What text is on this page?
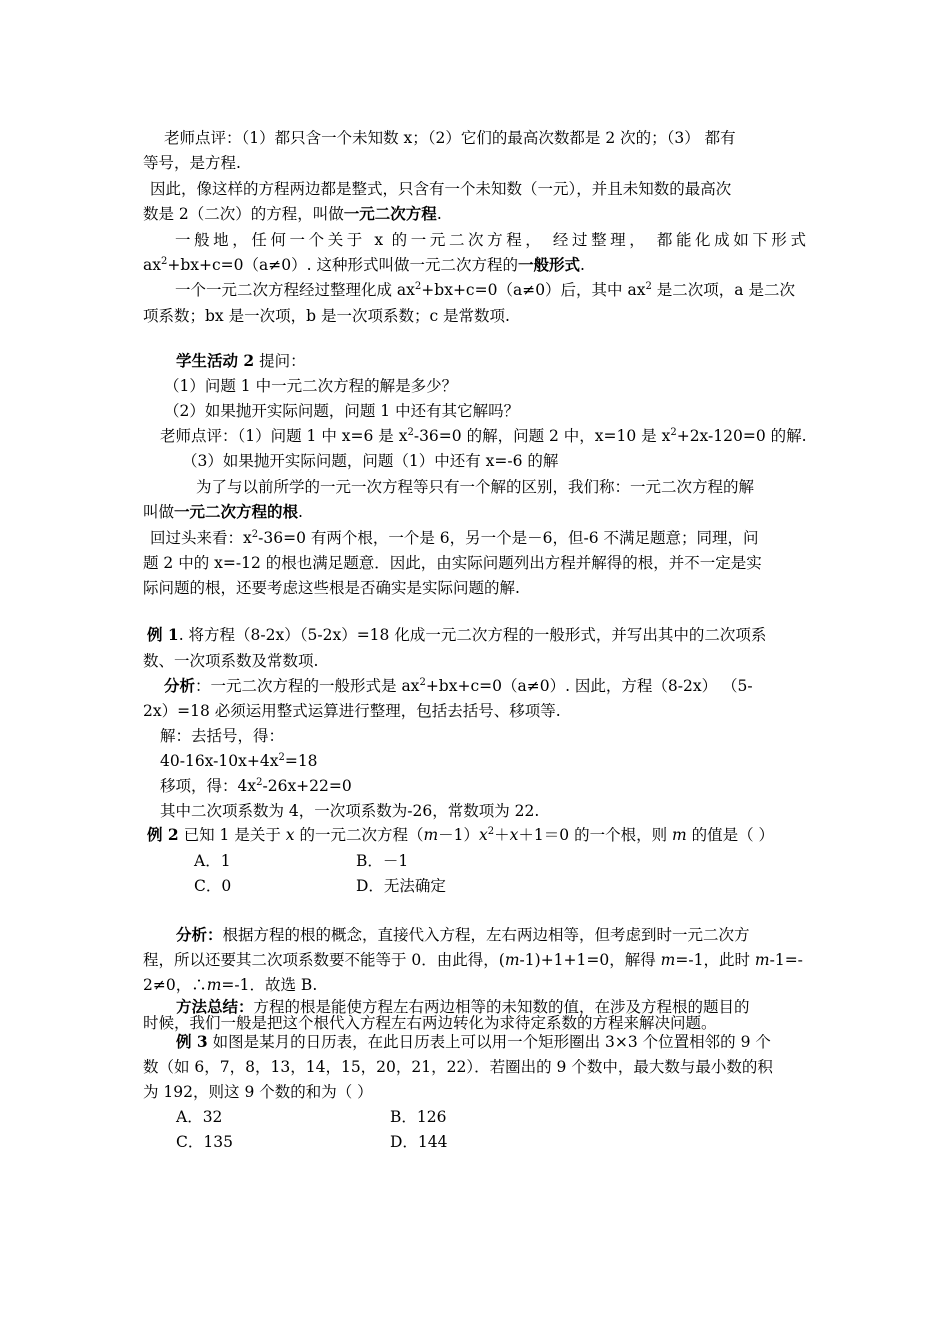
老师点评：（1）都只含一个未知数 x；（2）它们的最高次数都是 2 次的；（3） 都有
等号，是方程.
因此，像这样的方程两边都是整式，只含有一个未知数（一元），并且未知数的最高次
数是 2（二次）的方程，叫做一元二次方程.
一般地，任何一个关于 x 的一元二次方程， 经过整理， 都能化成如下形式
$ax^2+bx+c=0(a\ne 0)$. 这种形式叫做一元二次方程的一般形式.
一个一元二次方程经过整理化成 $ax^2+bx+c=0(a\ne 0)$后，其中 $ax^2$ 是二次项，a 是二次
项系数；bx 是一次项，b 是一次项系数；c 是常数项.
学生活动 2 提问：
（1）问题 1 中一元二次方程的解是多少？
（2）如果抛开实际问题，问题 1 中还有其它解吗？
老师点评：（1）问题 1 中 x=6 是 $x^2-36=0$ 的解，问题 2 中，x=10 是 $x^2+2x-120=0$ 的解.
（3）如果抛开实际问题，问题（1）中还有 x=-6 的解
为了与以前所学的一元一次方程等只有一个解的区别，我们称：一元二次方程的解
叫做一元二次方程的根.
回过头来看：$x^2-36=0$ 有两个根，一个是 6，另一个是－6，但-6 不满足题意；同理，问
题 2 中的 x=-12 的根也满足题意．因此，由实际问题列出方程并解得的根，并不一定是实
际问题的根，还要考虑这些根是否确实是实际问题的解.
例 1. 将方程（8-2x）（5-2x）=18 化成一元二次方程的一般形式，并写出其中的二次项系
数、一次项系数及常数项.
分析：一元二次方程的一般形式是 $ax^2+bx+c=0(a\ne 0)$. 因此，方程（8-2x） （5-
2x）=18 必须运用整式运算进行整理，包括去括号、移项等.
解：去括号，得：
$40-16x-10x+4x^2=18$
移项，得：$4x^2-26x+22=0$
其中二次项系数为 4，一次项系数为-26，常数项为 22.
例 2 已知 1 是关于 x 的一元二次方程$(m-1)x^2+x+1=0$ 的一个根，则 m 的值是（ ）
A．1	B．－1
C．0	D．无法确定
分析：根据方程的根的概念，直接代入方程，左右两边相等，但考虑到时一元二次方
程，所以还要其二次项系数要不能等于 0．由此得，(m-1)+1+1=0，解得 m=-1，此时 m-1=-
2≠0，∴m=-1．故选 B.
方法总结：方程的根是能使方程左右两边相等的未知数的值，在涉及方程根的题目的
时候，我们一般是把这个根代入方程左右两边转化为求待定系数的方程来解决问题。
例 3 如图是某月的日历表，在此日历表上可以用一个矩形圈出 3×3 个位置相邻的 9 个
数（如 6，7，8，13，14，15，20，21，22）．若圈出的 9 个数中，最大数与最小数的积
为 192，则这 9 个数的和为（ ）
A．32	B．126
C．135	D．144
